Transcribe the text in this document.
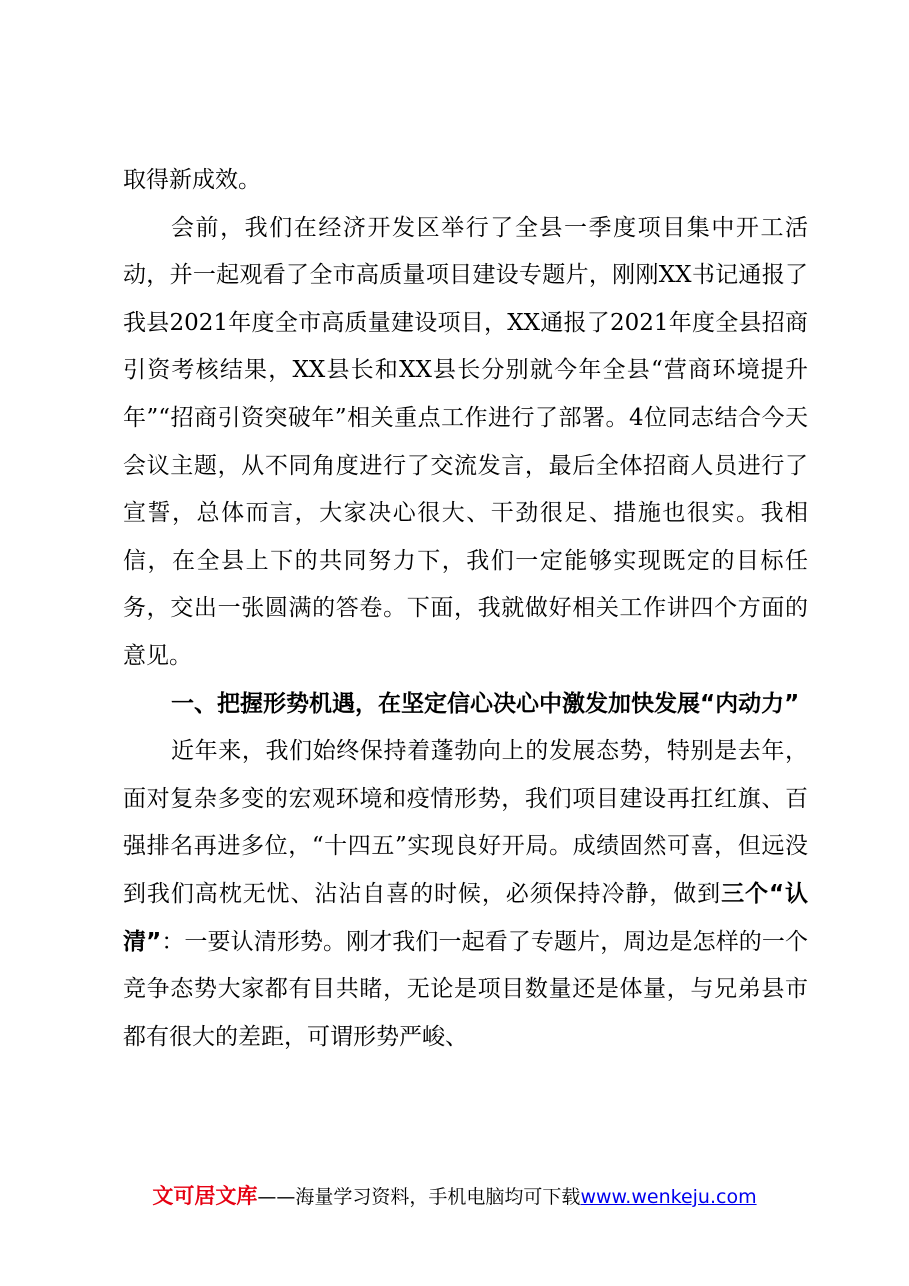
取得新成效。

会前，我们在经济开发区举行了全县一季度项目集中开工活动，并一起观看了全市高质量项目建设专题片，刚刚XX书记通报了我县2021年度全市高质量建设项目，XX通报了2021年度全县招商引资考核结果，XX县长和XX县长分别就今年全县“营商环境提升年”“招商引资突破年”相关重点工作进行了部署。4位同志结合今天会议主题，从不同角度进行了交流发言，最后全体招商人员进行了宣誓，总体而言，大家决心很大、干劲很足、措施也很实。我相信，在全县上下的共同努力下，我们一定能够实现既定的目标任务，交出一张圆满的答卷。下面，我就做好相关工作讲四个方面的意见。

一、把握形势机遇，在坚定信心决心中激发加快发展“内动力”

近年来，我们始终保持着蓬勃向上的发展态势，特别是去年，面对复杂多变的宏观环境和疫情形势，我们项目建设再扛红旗、百强排名再进多位，“十四五”实现良好开局。成绩固然可喜，但远没到我们高枕无忧、沾沾自喜的时候，必须保持冷静，做到三个“认清”：一要认清形势。刚才我们一起看了专题片，周边是怎样的一个竞争态势大家都有目共睹，无论是项目数量还是体量，与兄弟县市都有很大的差距，可谓形势严峻、

文可居文库——海量学习资料，手机电脑均可下载www.wenkeju.com
